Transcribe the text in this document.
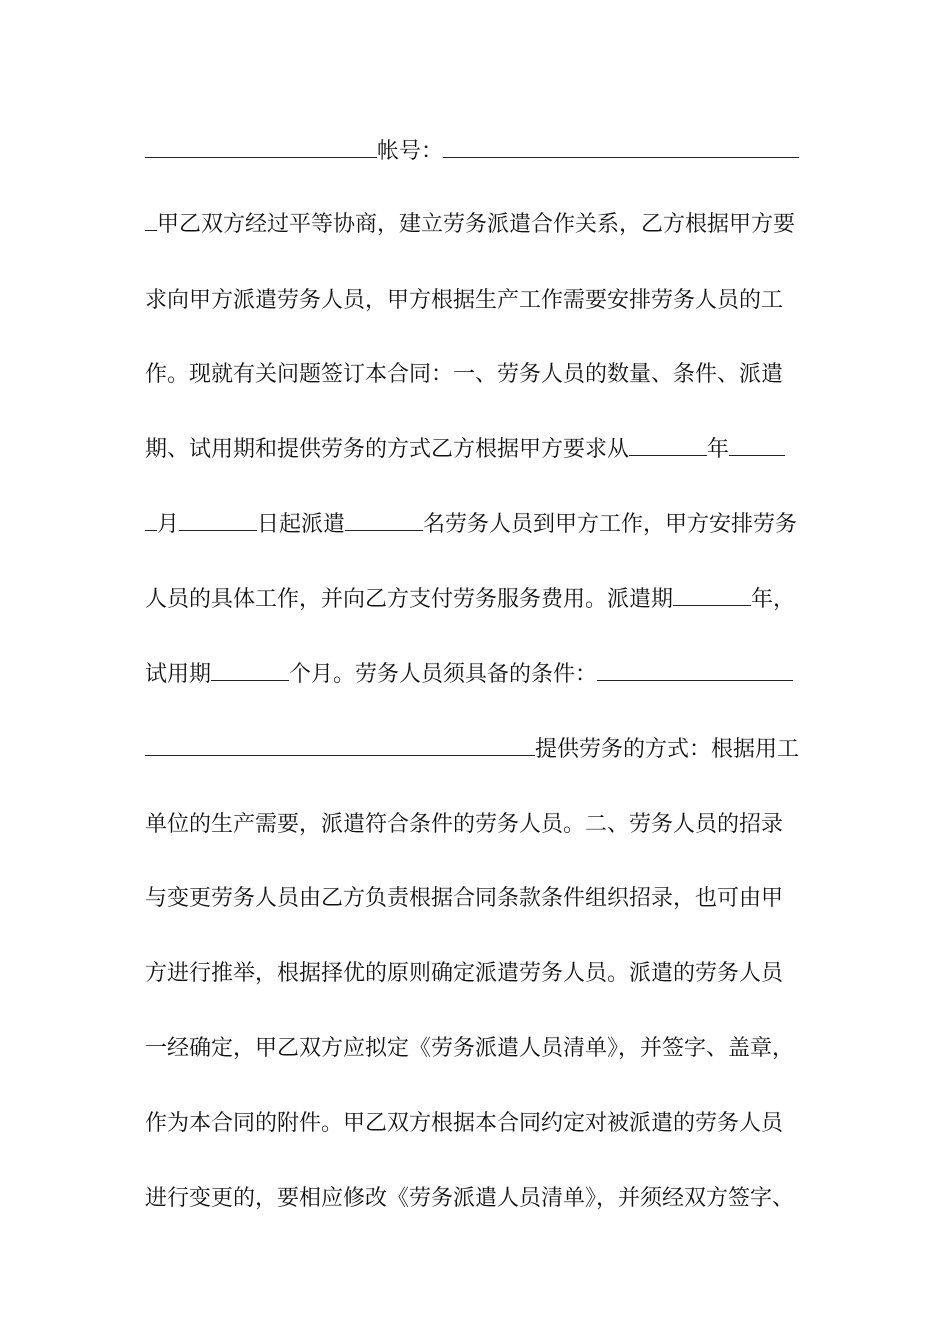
帐号：
甲乙双方经过平等协商，建立劳务派遣合作关系，乙方根据甲方要
求向甲方派遣劳务人员，甲方根据生产工作需要安排劳务人员的工
作。现就有关问题签订本合同：一、劳务人员的数量、条件、派遣
期、试用期和提供劳务的方式乙方根据甲方要求从	年
月	日起派遣	名劳务人员到甲方工作，甲方安排劳务
人员的具体工作，并向乙方支付劳务服务费用。派遣期	年，
试用期	个月。劳务人员须具备的条件：
提供劳务的方式：根据用工
单位的生产需要，派遣符合条件的劳务人员。二、劳务人员的招录
与变更劳务人员由乙方负责根据合同条款条件组织招录，也可由甲
方进行推举，根据择优的原则确定派遣劳务人员。派遣的劳务人员
一经确定，甲乙双方应拟定《劳务派遣人员清单》，并签字、盖章，
作为本合同的附件。甲乙双方根据本合同约定对被派遣的劳务人员
进行变更的，要相应修改《劳务派遣人员清单》，并须经双方签字、
